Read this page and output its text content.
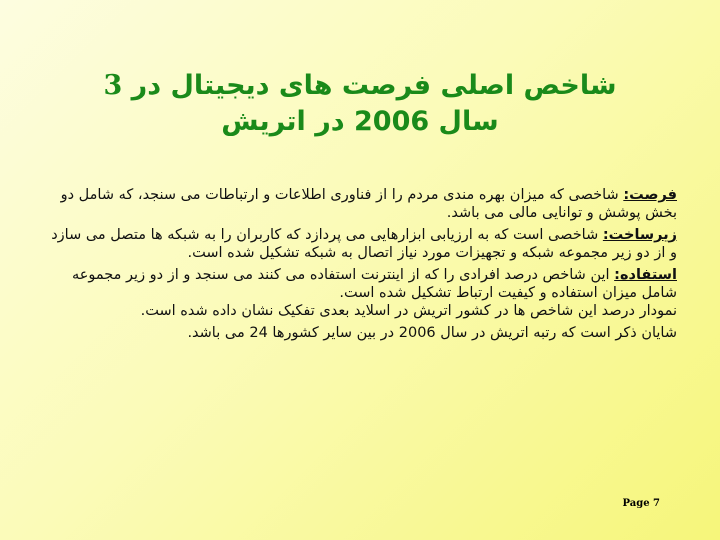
شاخص اصلی فرصت های دیجیتال در 3
سال 2006 در اتریش

فرصت: شاخصی که میزان بهره مندی مردم را از فناوری اطلاعات و ارتباطات می سنجد، که شامل دو بخش پوشش و توانایی مالی می باشد.

زیرساخت: شاخصی است که به ارزیابی ابزارهایی می پردازد که کاربران را به شبکه ها متصل می سازد و از دو زیر مجموعه شبکه و تجهیزات مورد نیاز اتصال به شبکه تشکیل شده است.

استفاده: این شاخص درصد افرادی را که از اینترنت استفاده می کنند می سنجد و از دو زیر مجموعه شامل میزان استفاده و کیفیت ارتباط تشکیل شده است.

نمودار درصد این شاخص ها در کشور اتریش در اسلاید بعدی تفکیک نشان داده شده است.

شایان ذکر است که رتبه اتریش در سال 2006 در بین سایر کشورها 24 می باشد.

Page 7
